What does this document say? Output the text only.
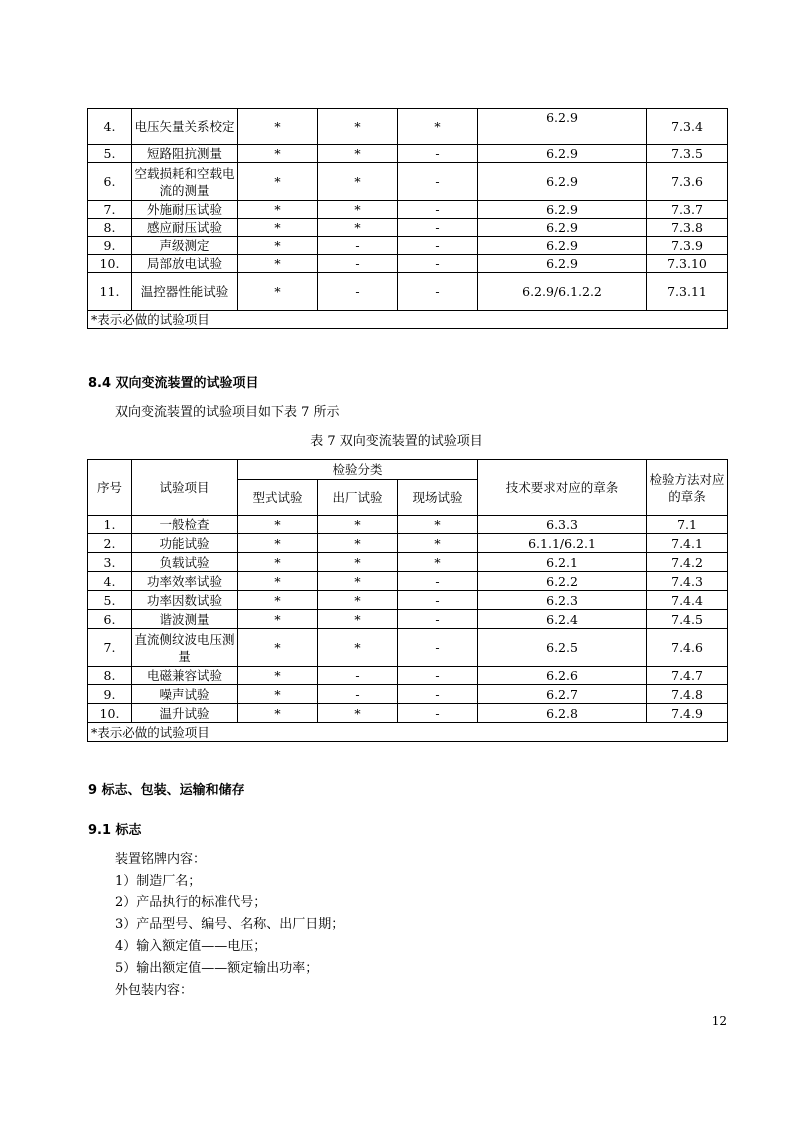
4.	电压矢量关系校定	*	*	*	6.2.9	7.3.4
5.	短路阻抗测量	*	*	-	6.2.9	7.3.5
6.	空载损耗和空载电流的测量	*	*	-	6.2.9	7.3.6
7.	外施耐压试验	*	*	-	6.2.9	7.3.7
8.	感应耐压试验	*	*	-	6.2.9	7.3.8
9.	声级测定	*	-	-	6.2.9	7.3.9
10.	局部放电试验	*	-	-	6.2.9	7.3.10
11.	温控器性能试验	*	-	-	6.2.9/6.1.2.2	7.3.11
*表示必做的试验项目						
8.4 双向变流装置的试验项目
双向变流装置的试验项目如下表 7 所示
表 7 双向变流装置的试验项目
序号	试验项目	检验分类			技术要求对应的章条	检验方法对应的章条
		型式试验	出厂试验	现场试验		
1.	一般检查	*	*	*	6.3.3	7.1
2.	功能试验	*	*	*	6.1.1/6.2.1	7.4.1
3.	负载试验	*	*	*	6.2.1	7.4.2
4.	功率效率试验	*	*	-	6.2.2	7.4.3
5.	功率因数试验	*	*	-	6.2.3	7.4.4
6.	谐波测量	*	*	-	6.2.4	7.4.5
7.	直流侧纹波电压测量	*	*	-	6.2.5	7.4.6
8.	电磁兼容试验	*	-	-	6.2.6	7.4.7
9.	噪声试验	*	-	-	6.2.7	7.4.8
10.	温升试验	*	*	-	6.2.8	7.4.9
*表示必做的试验项目						
9 标志、包装、运输和储存
9.1 标志
装置铭牌内容：
1）制造厂名；
2）产品执行的标准代号；
3）产品型号、编号、名称、出厂日期；
4）输入额定值——电压；
5）输出额定值——额定输出功率；
外包装内容：
12
